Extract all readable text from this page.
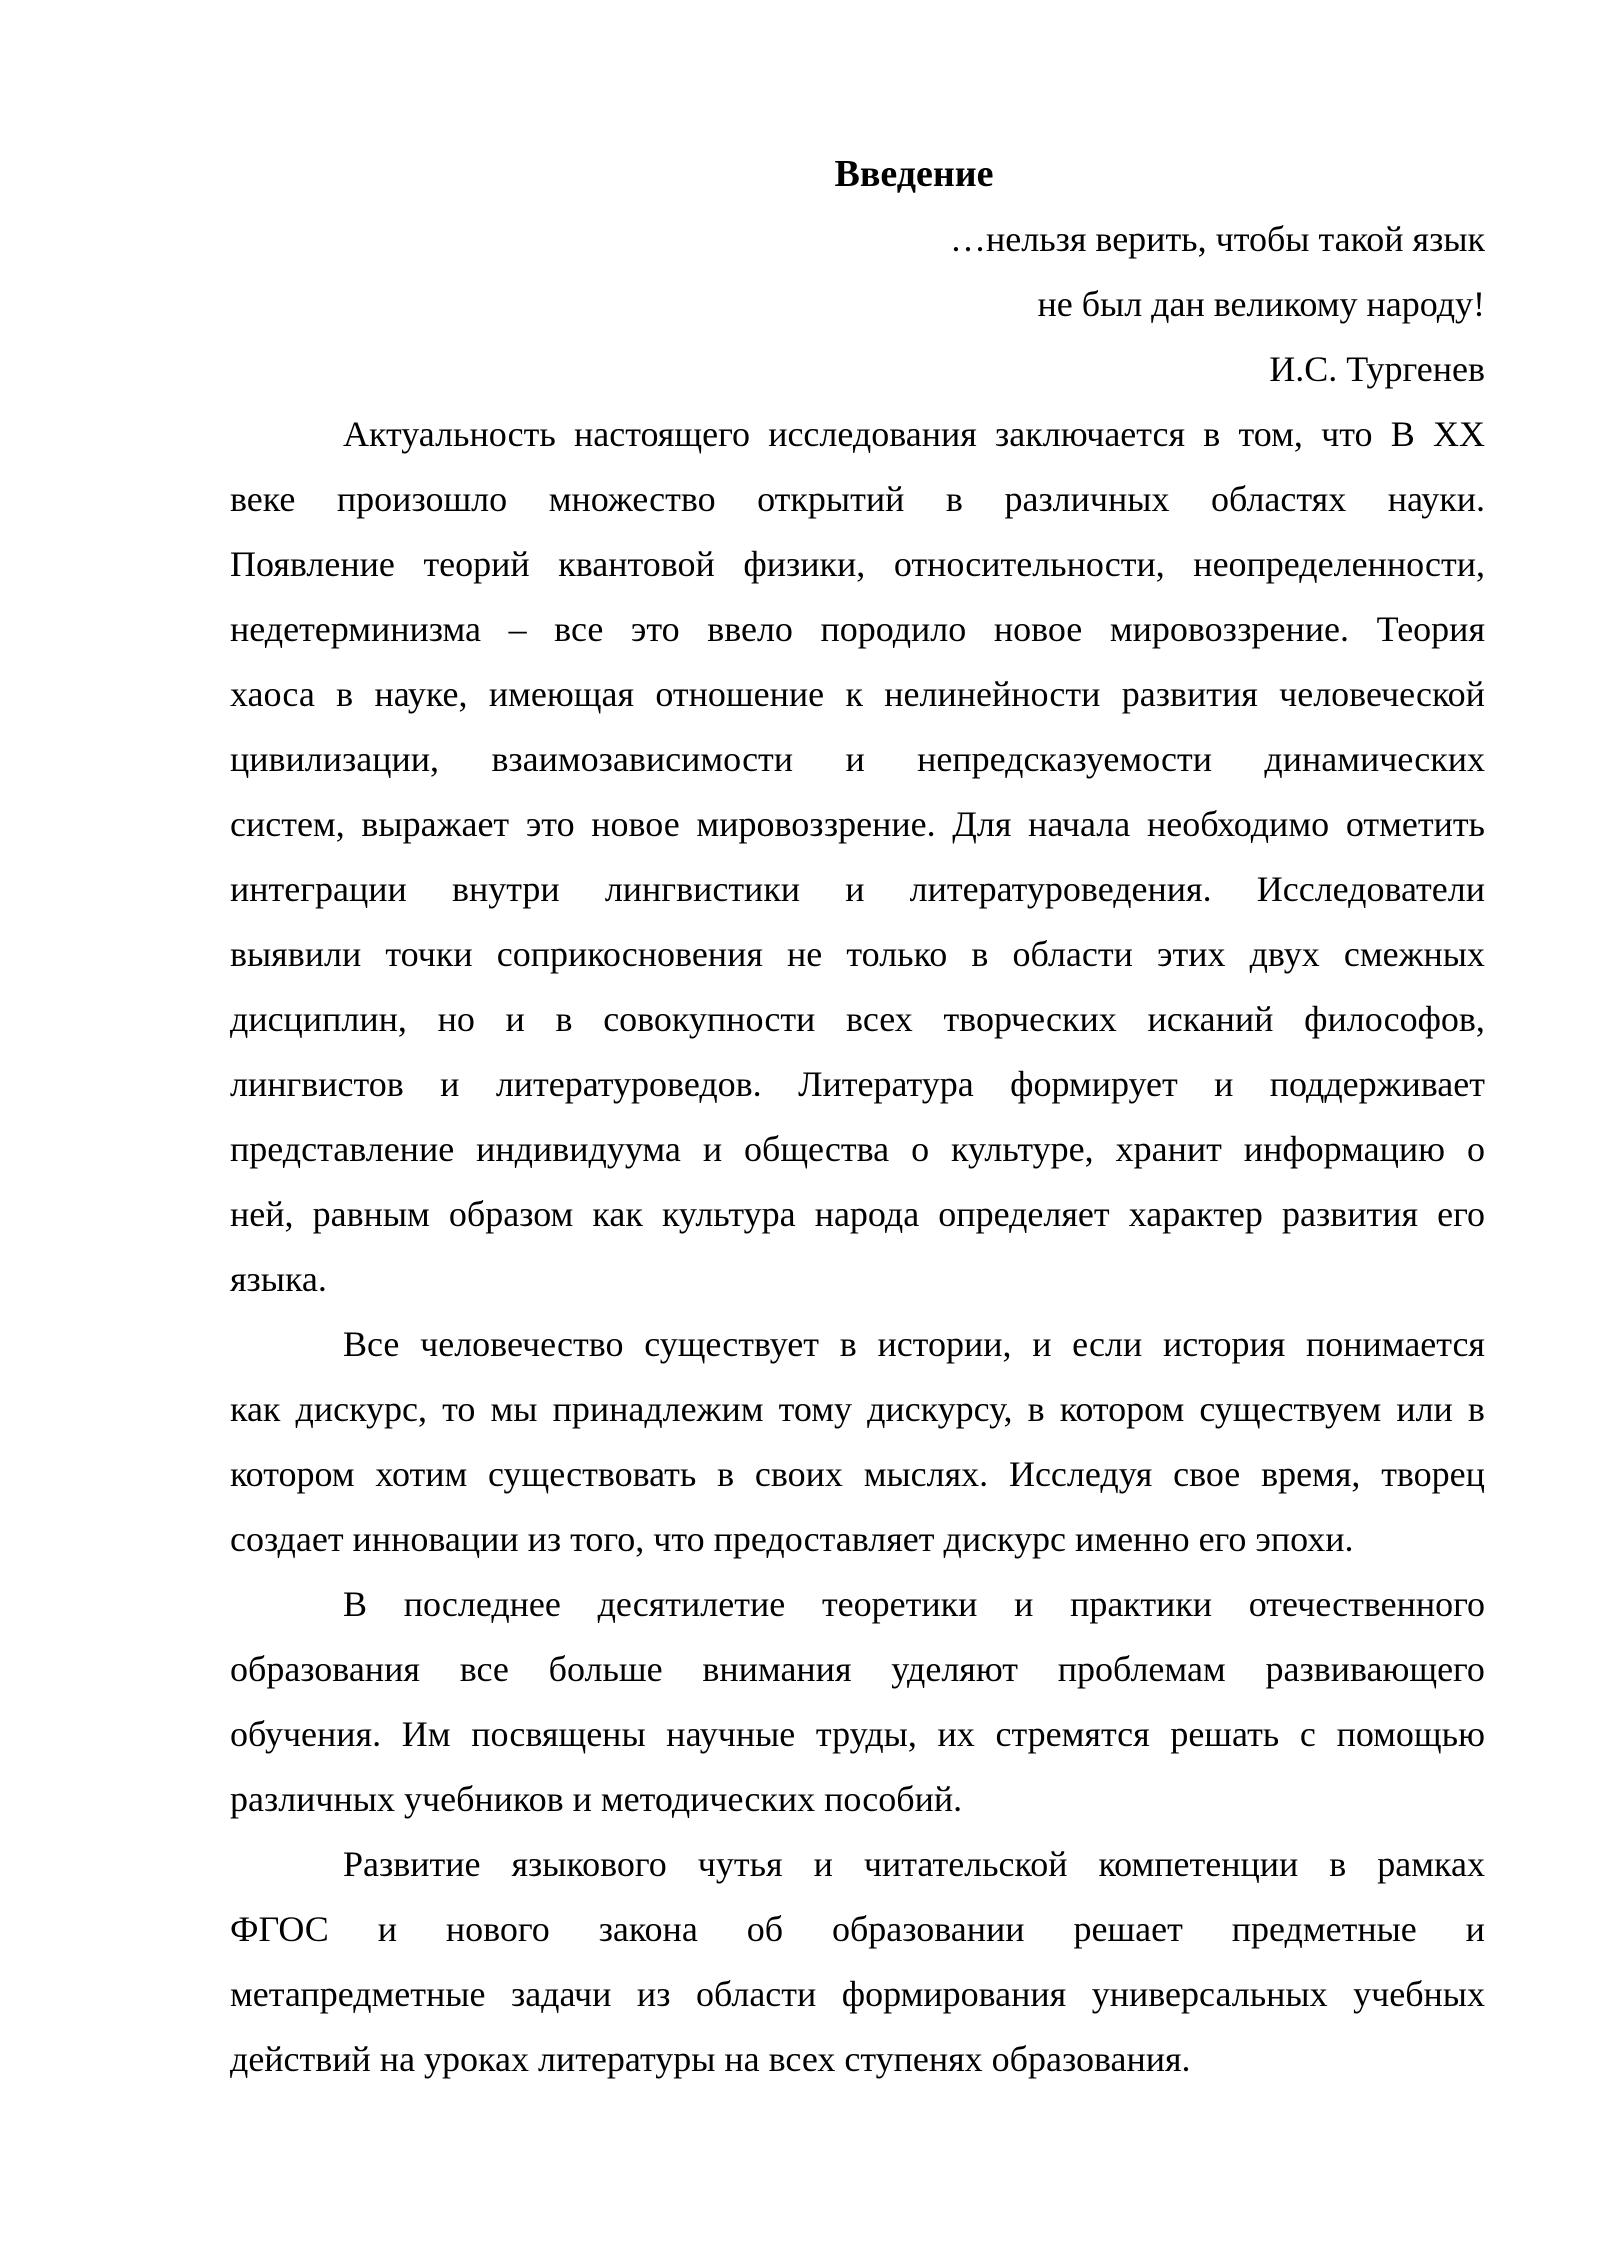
Введение
…нельзя верить, чтобы такой язык
не был дан великому народу!
И.С. Тургенев
Актуальность настоящего исследования заключается в том, что В ХХ
веке произошло множество открытий в различных областях науки.
Появление теорий квантовой физики, относительности, неопределенности,
недетерминизма – все это ввело породило новое мировоззрение. Теория
хаоса в науке, имеющая отношение к нелинейности развития человеческой
цивилизации, взаимозависимости и непредсказуемости динамических
систем, выражает это новое мировоззрение. Для начала необходимо отметить
интеграции внутри лингвистики и литературоведения. Исследователи
выявили точки соприкосновения не только в области этих двух смежных
дисциплин, но и в совокупности всех творческих исканий философов,
лингвистов и литературоведов. Литература формирует и поддерживает
представление индивидуума и общества о культуре, хранит информацию о
ней, равным образом как культура народа определяет характер развития его
языка.
Все человечество существует в истории, и если история понимается
как дискурс, то мы принадлежим тому дискурсу, в котором существуем или в
котором хотим существовать в своих мыслях. Исследуя свое время, творец
создает инновации из того, что предоставляет дискурс именно его эпохи.
В последнее десятилетие теоретики и практики отечественного
образования все больше внимания уделяют проблемам развивающего
обучения. Им посвящены научные труды, их стремятся решать с помощью
различных учебников и методических пособий.
Развитие языкового чутья и читательской компетенции в рамках
ФГОС и нового закона об образовании решает предметные и
метапредметные задачи из области формирования универсальных учебных
действий на уроках литературы на всех ступенях образования.
